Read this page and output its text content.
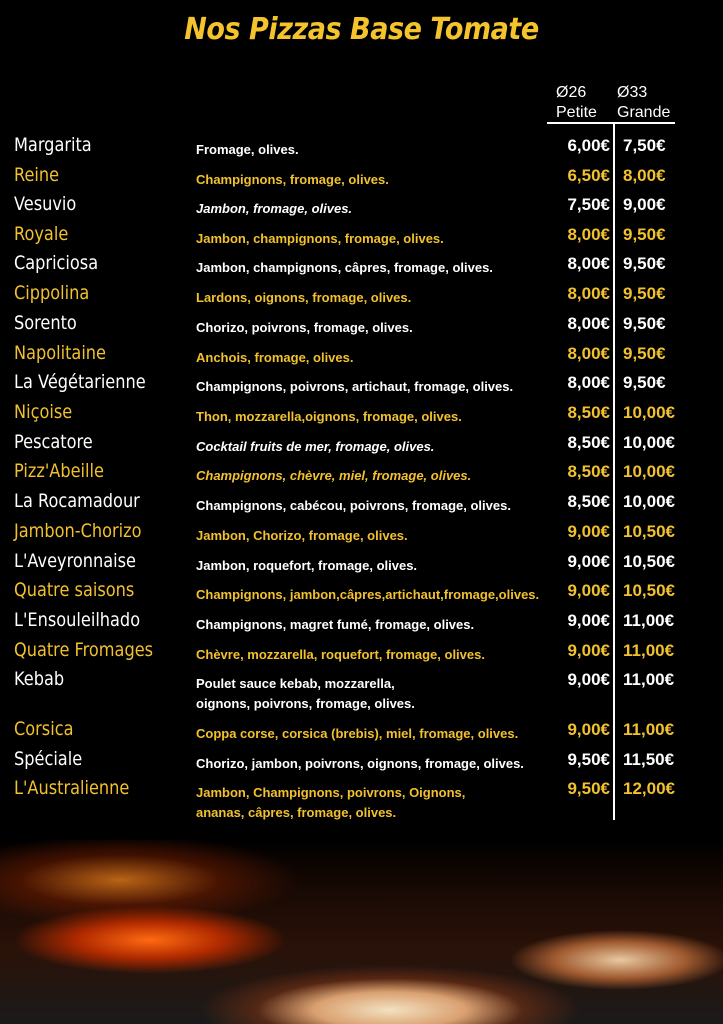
Nos Pizzas Base Tomate
Ø26
Petite
Ø33
Grande
Margarita	Fromage, olives.	6,00€ 7,50€
Reine	Champignons, fromage, olives.	6,50€ 8,00€
Vesuvio	Jambon, fromage, olives.	7,50€ 9,00€
Royale	Jambon, champignons, fromage, olives.	8,00€ 9,50€
Capriciosa	Jambon, champignons, câpres, fromage, olives.	8,00€ 9,50€
Cippolina	Lardons, oignons, fromage, olives.	8,00€ 9,50€
Sorento	Chorizo, poivrons, fromage, olives.	8,00€ 9,50€
Napolitaine	Anchois, fromage, olives.	8,00€ 9,50€
La Végétarienne	Champignons, poivrons, artichaut, fromage, olives.	8,00€ 9,50€
Niçoise	Thon, mozzarella,oignons, fromage, olives.	8,50€ 10,00€
Pescatore	Cocktail fruits de mer, fromage, olives.	8,50€ 10,00€
Pizz'Abeille	Champignons, chèvre, miel, fromage, olives.	8,50€ 10,00€
La Rocamadour	Champignons, cabécou, poivrons, fromage, olives.	8,50€ 10,00€
Jambon-Chorizo	Jambon, Chorizo, fromage, olives.	9,00€ 10,50€
L'Aveyronnaise	Jambon, roquefort, fromage, olives.	9,00€ 10,50€
Quatre saisons	Champignons, jambon,câpres,artichaut,fromage,olives. 9,00€ 10,50€
L'Ensouleilhado	Champignons, magret fumé, fromage, olives.	9,00€ 11,00€
Quatre Fromages	Chèvre, mozzarella, roquefort, fromage, olives.	9,00€ 11,00€
Kebab	Poulet sauce kebab, mozzarella,
oignons, poivrons, fromage, olives.
9,00€ 11,00€
Corsica	Coppa corse, corsica (brebis), miel, fromage, olives.	9,00€ 11,00€
Spéciale	Chorizo, jambon, poivrons, oignons, fromage, olives.	9,50€ 11,50€
L'Australienne	Jambon, Champignons, poivrons, Oignons,
ananas, câpres, fromage, olives.
9,50€ 12,00€
